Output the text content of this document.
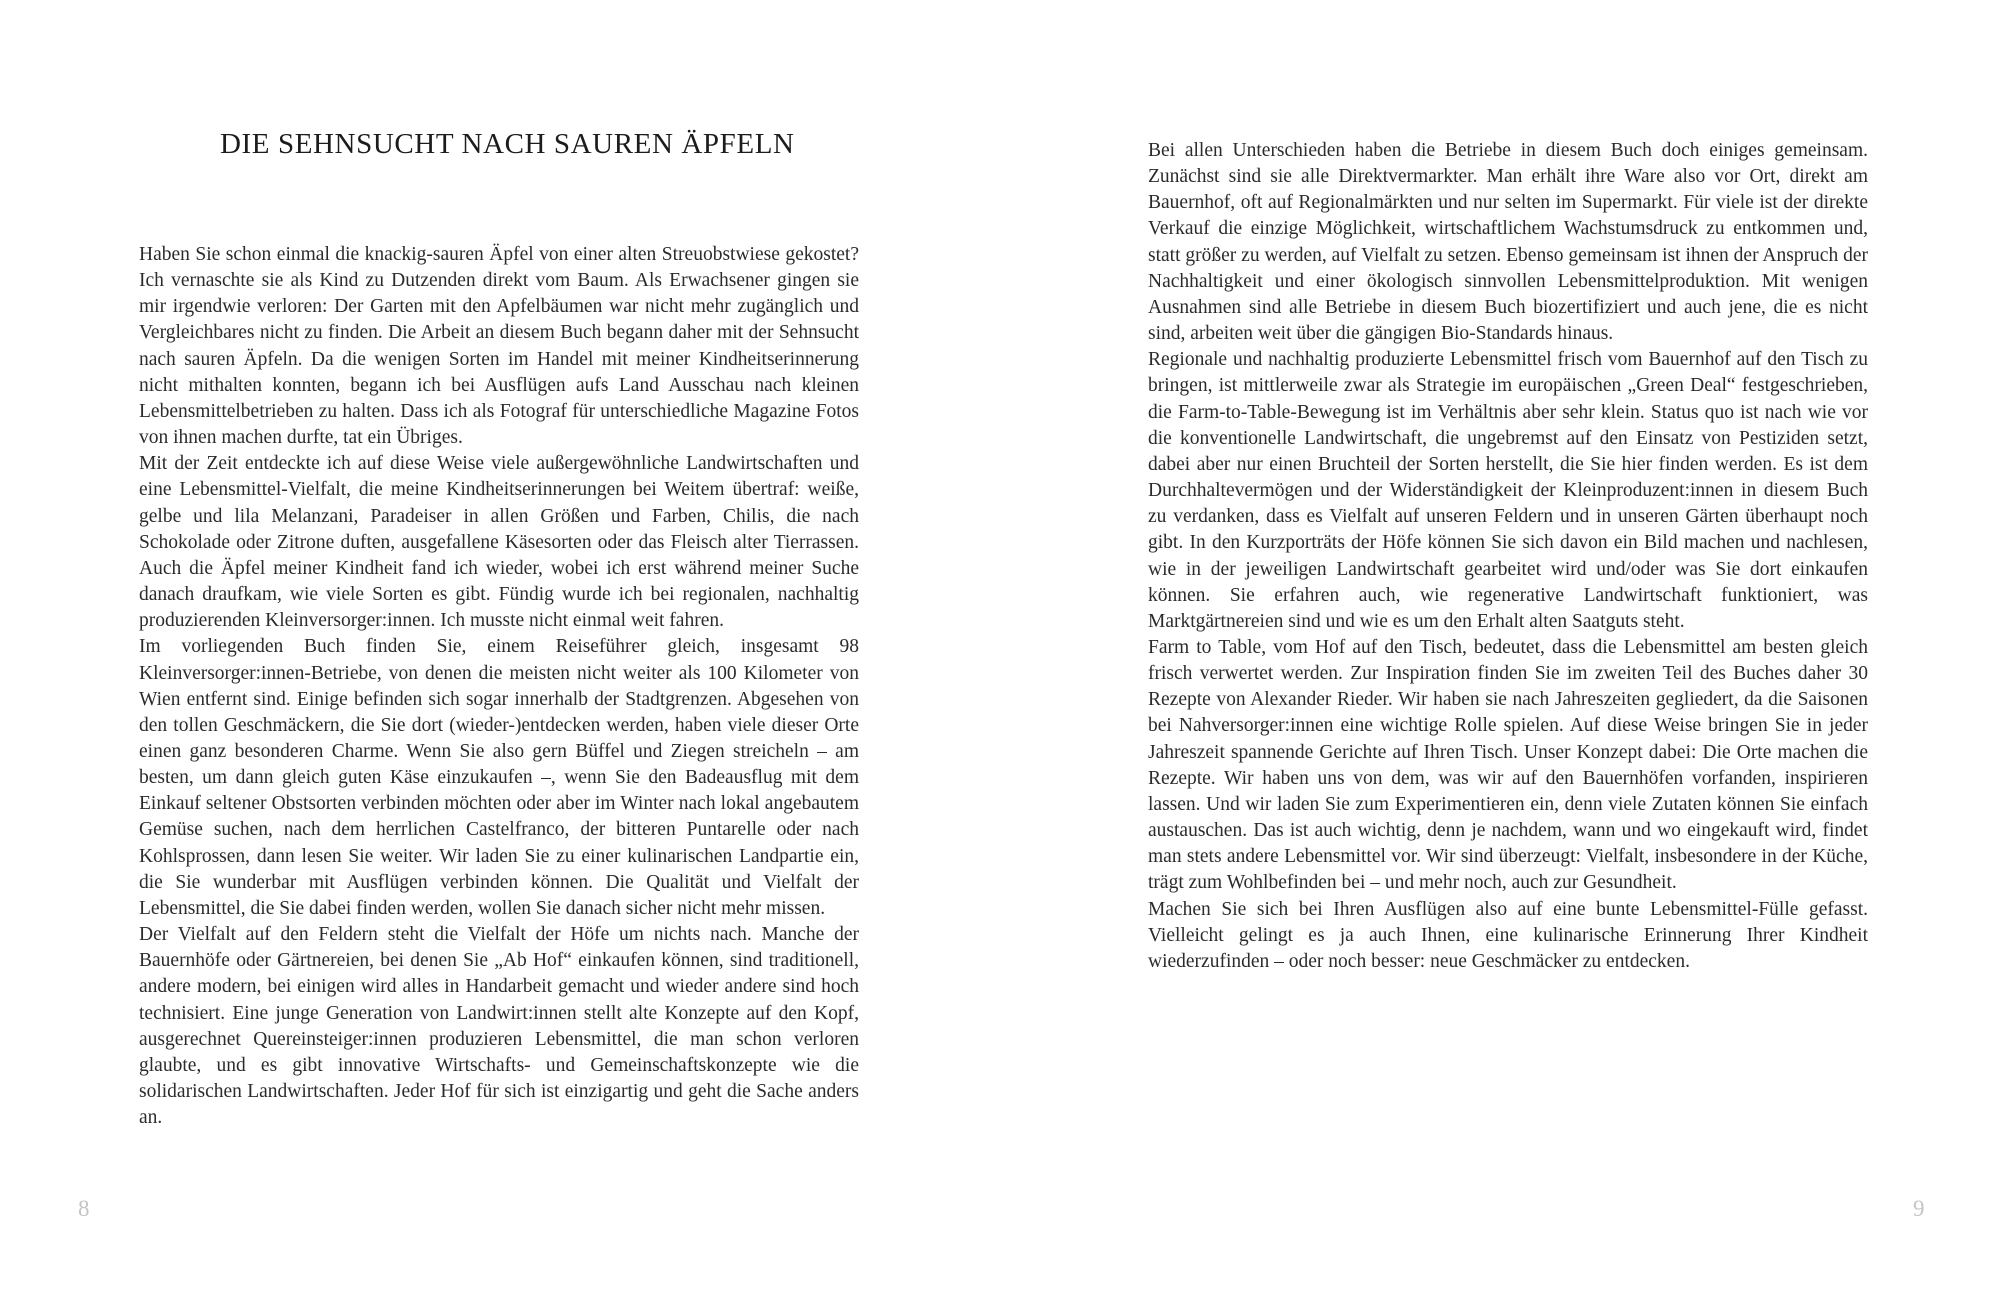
DIE SEHNSUCHT NACH SAUREN ÄPFELN

Haben Sie schon einmal die knackig-sauren Äpfel von einer alten Streuobstwiese gekostet? Ich vernaschte sie als Kind zu Dutzenden direkt vom Baum. Als Erwachsener gingen sie mir irgendwie verloren: Der Garten mit den Apfelbäumen war nicht mehr zugänglich und Vergleichbares nicht zu finden. Die Arbeit an diesem Buch begann daher mit der Sehnsucht nach sauren Äpfeln. Da die wenigen Sorten im Handel mit meiner Kindheitserinnerung nicht mithalten konnten, begann ich bei Ausflügen aufs Land Ausschau nach kleinen Lebensmittelbetrieben zu halten. Dass ich als Fotograf für unterschiedliche Magazine Fotos von ihnen machen durfte, tat ein Übriges.

Mit der Zeit entdeckte ich auf diese Weise viele außergewöhnliche Landwirtschaften und eine Lebensmittel-Vielfalt, die meine Kindheitserinnerungen bei Weitem übertraf: weiße, gelbe und lila Melanzani, Paradeiser in allen Größen und Farben, Chilis, die nach Schokolade oder Zitrone duften, ausgefallene Käsesorten oder das Fleisch alter Tierrassen. Auch die Äpfel meiner Kindheit fand ich wieder, wobei ich erst während meiner Suche danach draufkam, wie viele Sorten es gibt. Fündig wurde ich bei regionalen, nachhaltig produzierenden Kleinversorger:innen. Ich musste nicht einmal weit fahren.

Im vorliegenden Buch finden Sie, einem Reiseführer gleich, insgesamt 98 Kleinversorger:innen-Betriebe, von denen die meisten nicht weiter als 100 Kilometer von Wien entfernt sind. Einige befinden sich sogar innerhalb der Stadtgrenzen. Abgesehen von den tollen Geschmäckern, die Sie dort (wieder-)entdecken werden, haben viele dieser Orte einen ganz besonderen Charme. Wenn Sie also gern Büffel und Ziegen streicheln – am besten, um dann gleich guten Käse einzukaufen –, wenn Sie den Badeausflug mit dem Einkauf seltener Obstsorten verbinden möchten oder aber im Winter nach lokal angebautem Gemüse suchen, nach dem herrlichen Castelfranco, der bitteren Puntarelle oder nach Kohlsprossen, dann lesen Sie weiter. Wir laden Sie zu einer kulinarischen Landpartie ein, die Sie wunderbar mit Ausflügen verbinden können. Die Qualität und Vielfalt der Lebensmittel, die Sie dabei finden werden, wollen Sie danach sicher nicht mehr missen.

Der Vielfalt auf den Feldern steht die Vielfalt der Höfe um nichts nach. Manche der Bauernhöfe oder Gärtnereien, bei denen Sie „Ab Hof“ einkaufen können, sind traditionell, andere modern, bei einigen wird alles in Handarbeit gemacht und wieder andere sind hoch technisiert. Eine junge Generation von Landwirt:innen stellt alte Konzepte auf den Kopf, ausgerechnet Quereinsteiger:innen produzieren Lebensmittel, die man schon verloren glaubte, und es gibt innovative Wirtschafts- und Gemeinschaftskonzepte wie die solidarischen Landwirtschaften. Jeder Hof für sich ist einzigartig und geht die Sache anders an.

8

Bei allen Unterschieden haben die Betriebe in diesem Buch doch einiges gemeinsam. Zunächst sind sie alle Direktvermarkter. Man erhält ihre Ware also vor Ort, direkt am Bauernhof, oft auf Regionalmärkten und nur selten im Supermarkt. Für viele ist der direkte Verkauf die einzige Möglichkeit, wirtschaftlichem Wachstumsdruck zu entkommen und, statt größer zu werden, auf Vielfalt zu setzen. Ebenso gemeinsam ist ihnen der Anspruch der Nachhaltigkeit und einer ökologisch sinnvollen Lebensmittelproduktion. Mit wenigen Ausnahmen sind alle Betriebe in diesem Buch biozertifiziert und auch jene, die es nicht sind, arbeiten weit über die gängigen Bio-Standards hinaus.

Regionale und nachhaltig produzierte Lebensmittel frisch vom Bauernhof auf den Tisch zu bringen, ist mittlerweile zwar als Strategie im europäischen „Green Deal“ festgeschrieben, die Farm-to-Table-Bewegung ist im Verhältnis aber sehr klein. Status quo ist nach wie vor die konventionelle Landwirtschaft, die ungebremst auf den Einsatz von Pestiziden setzt, dabei aber nur einen Bruchteil der Sorten herstellt, die Sie hier finden werden. Es ist dem Durchhaltevermögen und der Widerständigkeit der Kleinproduzent:innen in diesem Buch zu verdanken, dass es Vielfalt auf unseren Feldern und in unseren Gärten überhaupt noch gibt. In den Kurzporträts der Höfe können Sie sich davon ein Bild machen und nachlesen, wie in der jeweiligen Landwirtschaft gearbeitet wird und/oder was Sie dort einkaufen können. Sie erfahren auch, wie regenerative Landwirtschaft funktioniert, was Marktgärtnereien sind und wie es um den Erhalt alten Saatguts steht.

Farm to Table, vom Hof auf den Tisch, bedeutet, dass die Lebensmittel am besten gleich frisch verwertet werden. Zur Inspiration finden Sie im zweiten Teil des Buches daher 30 Rezepte von Alexander Rieder. Wir haben sie nach Jahreszeiten gegliedert, da die Saisonen bei Nahversorger:innen eine wichtige Rolle spielen. Auf diese Weise bringen Sie in jeder Jahreszeit spannende Gerichte auf Ihren Tisch. Unser Konzept dabei: Die Orte machen die Rezepte. Wir haben uns von dem, was wir auf den Bauernhöfen vorfanden, inspirieren lassen. Und wir laden Sie zum Experimentieren ein, denn viele Zutaten können Sie einfach austauschen. Das ist auch wichtig, denn je nachdem, wann und wo eingekauft wird, findet man stets andere Lebensmittel vor. Wir sind überzeugt: Vielfalt, insbesondere in der Küche, trägt zum Wohlbefinden bei – und mehr noch, auch zur Gesundheit.

Machen Sie sich bei Ihren Ausflügen also auf eine bunte Lebensmittel-Fülle gefasst. Vielleicht gelingt es ja auch Ihnen, eine kulinarische Erinnerung Ihrer Kindheit wiederzufinden – oder noch besser: neue Geschmäcker zu entdecken.

9
